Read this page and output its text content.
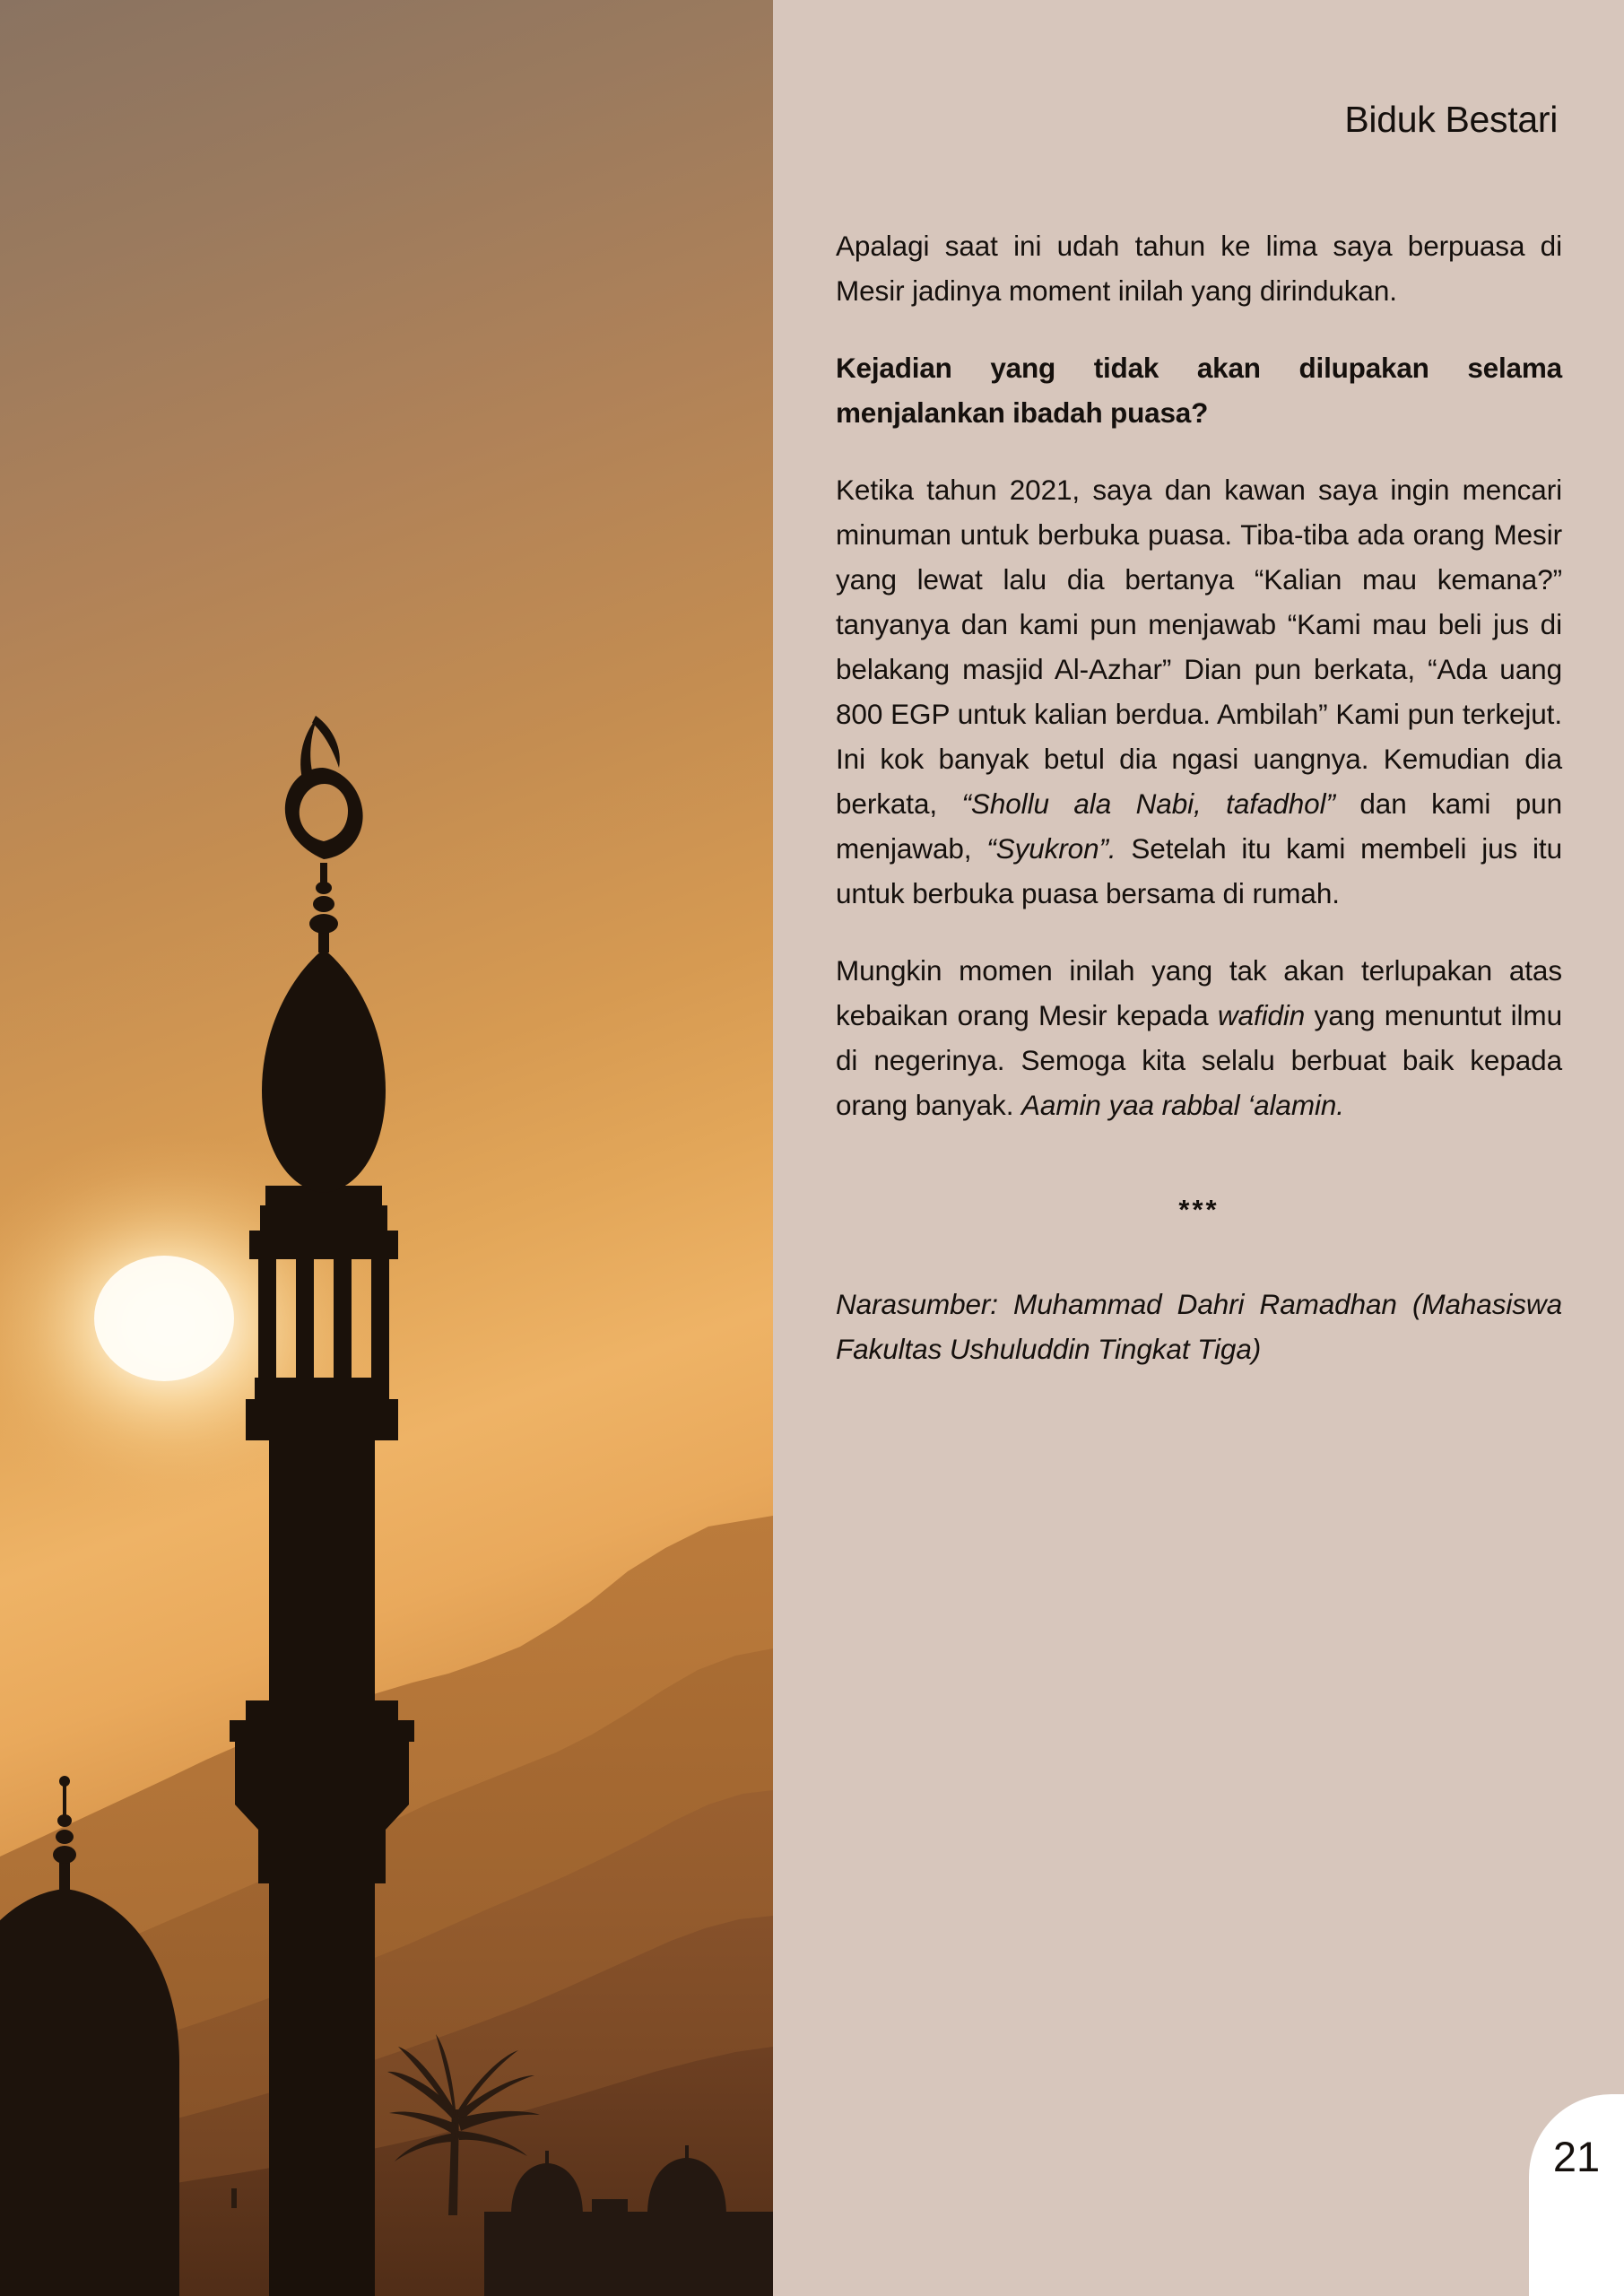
Biduk Bestari

Apalagi saat ini udah tahun ke lima saya berpuasa di Mesir jadinya moment inilah yang dirindukan.

Kejadian yang tidak akan dilupakan selama menjalankan ibadah puasa?

Ketika tahun 2021, saya dan kawan saya ingin mencari minuman untuk berbuka puasa. Tiba-tiba ada orang Mesir yang lewat lalu dia bertanya “Kalian mau kemana?” tanyanya dan kami pun menjawab “Kami mau beli jus di belakang masjid Al-Azhar” Dian pun berkata, “Ada uang 800 EGP untuk kalian berdua. Ambilah” Kami pun terkejut. Ini kok banyak betul dia ngasi uangnya. Kemudian dia berkata, “Shollu ala Nabi, tafadhol” dan kami pun menjawab, “Syukron”. Setelah itu kami membeli jus itu untuk berbuka puasa bersama di rumah.

Mungkin momen inilah yang tak akan terlupakan atas kebaikan orang Mesir kepada wafidin yang menuntut ilmu di negerinya. Semoga kita selalu berbuat baik kepada orang banyak. Aamin yaa rabbal ‘alamin.

***

Narasumber: Muhammad Dahri Ramadhan (Mahasiswa Fakultas Ushuluddin Tingkat Tiga)

21
